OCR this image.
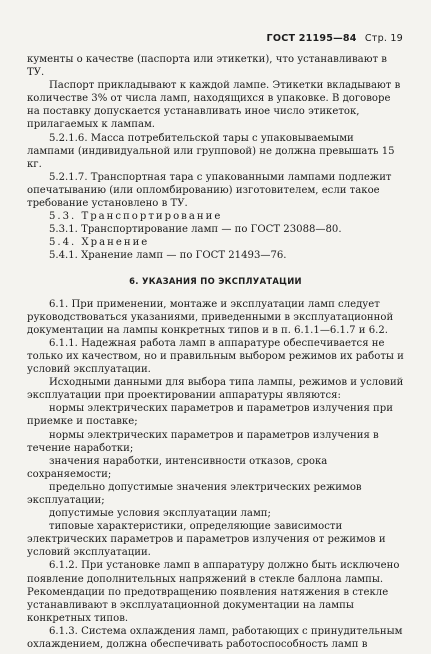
ГОСТ 21195—84 Стр. 19

кументы о качестве (паспорта или этикетки), что устанавливают в ТУ.

Паспорт прикладывают к каждой лампе. Этикетки вкладывают в количестве 3% от числа ламп, находящихся в упаковке. В договоре на поставку допускается устанавливать иное число этикеток, прилагаемых к лампам.

5.2.1.6. Масса потребительской тары с упаковываемыми лампами (индивидуальной или групповой) не должна превышать 15 кг.

5.2.1.7. Транспортная тара с упакованными лампами подлежит опечатыванию (или опломбированию) изготовителем, если такое требование установлено в ТУ.

5.3. Транспортирование

5.3.1. Транспортирование ламп — по ГОСТ 23088—80.

5.4. Хранение

5.4.1. Хранение ламп — по ГОСТ 21493—76.

6. УКАЗАНИЯ ПО ЭКСПЛУАТАЦИИ

6.1. При применении, монтаже и эксплуатации ламп следует руководствоваться указаниями, приведенными в эксплуатационной документации на лампы конкретных типов и в п. 6.1.1—6.1.7 и 6.2.

6.1.1. Надежная работа ламп в аппаратуре обеспечивается не только их качеством, но и правильным выбором режимов их работы и условий эксплуатации.

Исходными данными для выбора типа лампы, режимов и условий эксплуатации при проектировании аппаратуры являются:

нормы электрических параметров и параметров излучения при приемке и поставке;

нормы электрических параметров и параметров излучения в течение наработки;

значения наработки, интенсивности отказов, срока сохраняемости;

предельно допустимые значения электрических режимов эксплуатации;

допустимые условия эксплуатации ламп;

типовые характеристики, определяющие зависимости электрических параметров и параметров излучения от режимов и условий эксплуатации.

6.1.2. При установке ламп в аппаратуру должно быть исключено появление дополнительных напряжений в стекле баллона лампы. Рекомендации по предотвращению появления натяжения в стекле устанавливают в эксплуатационной документации на лампы конкретных типов.

6.1.3. Система охлаждения ламп, работающих с принудительным охлаждением, должна обеспечивать работоспособность ламп в
